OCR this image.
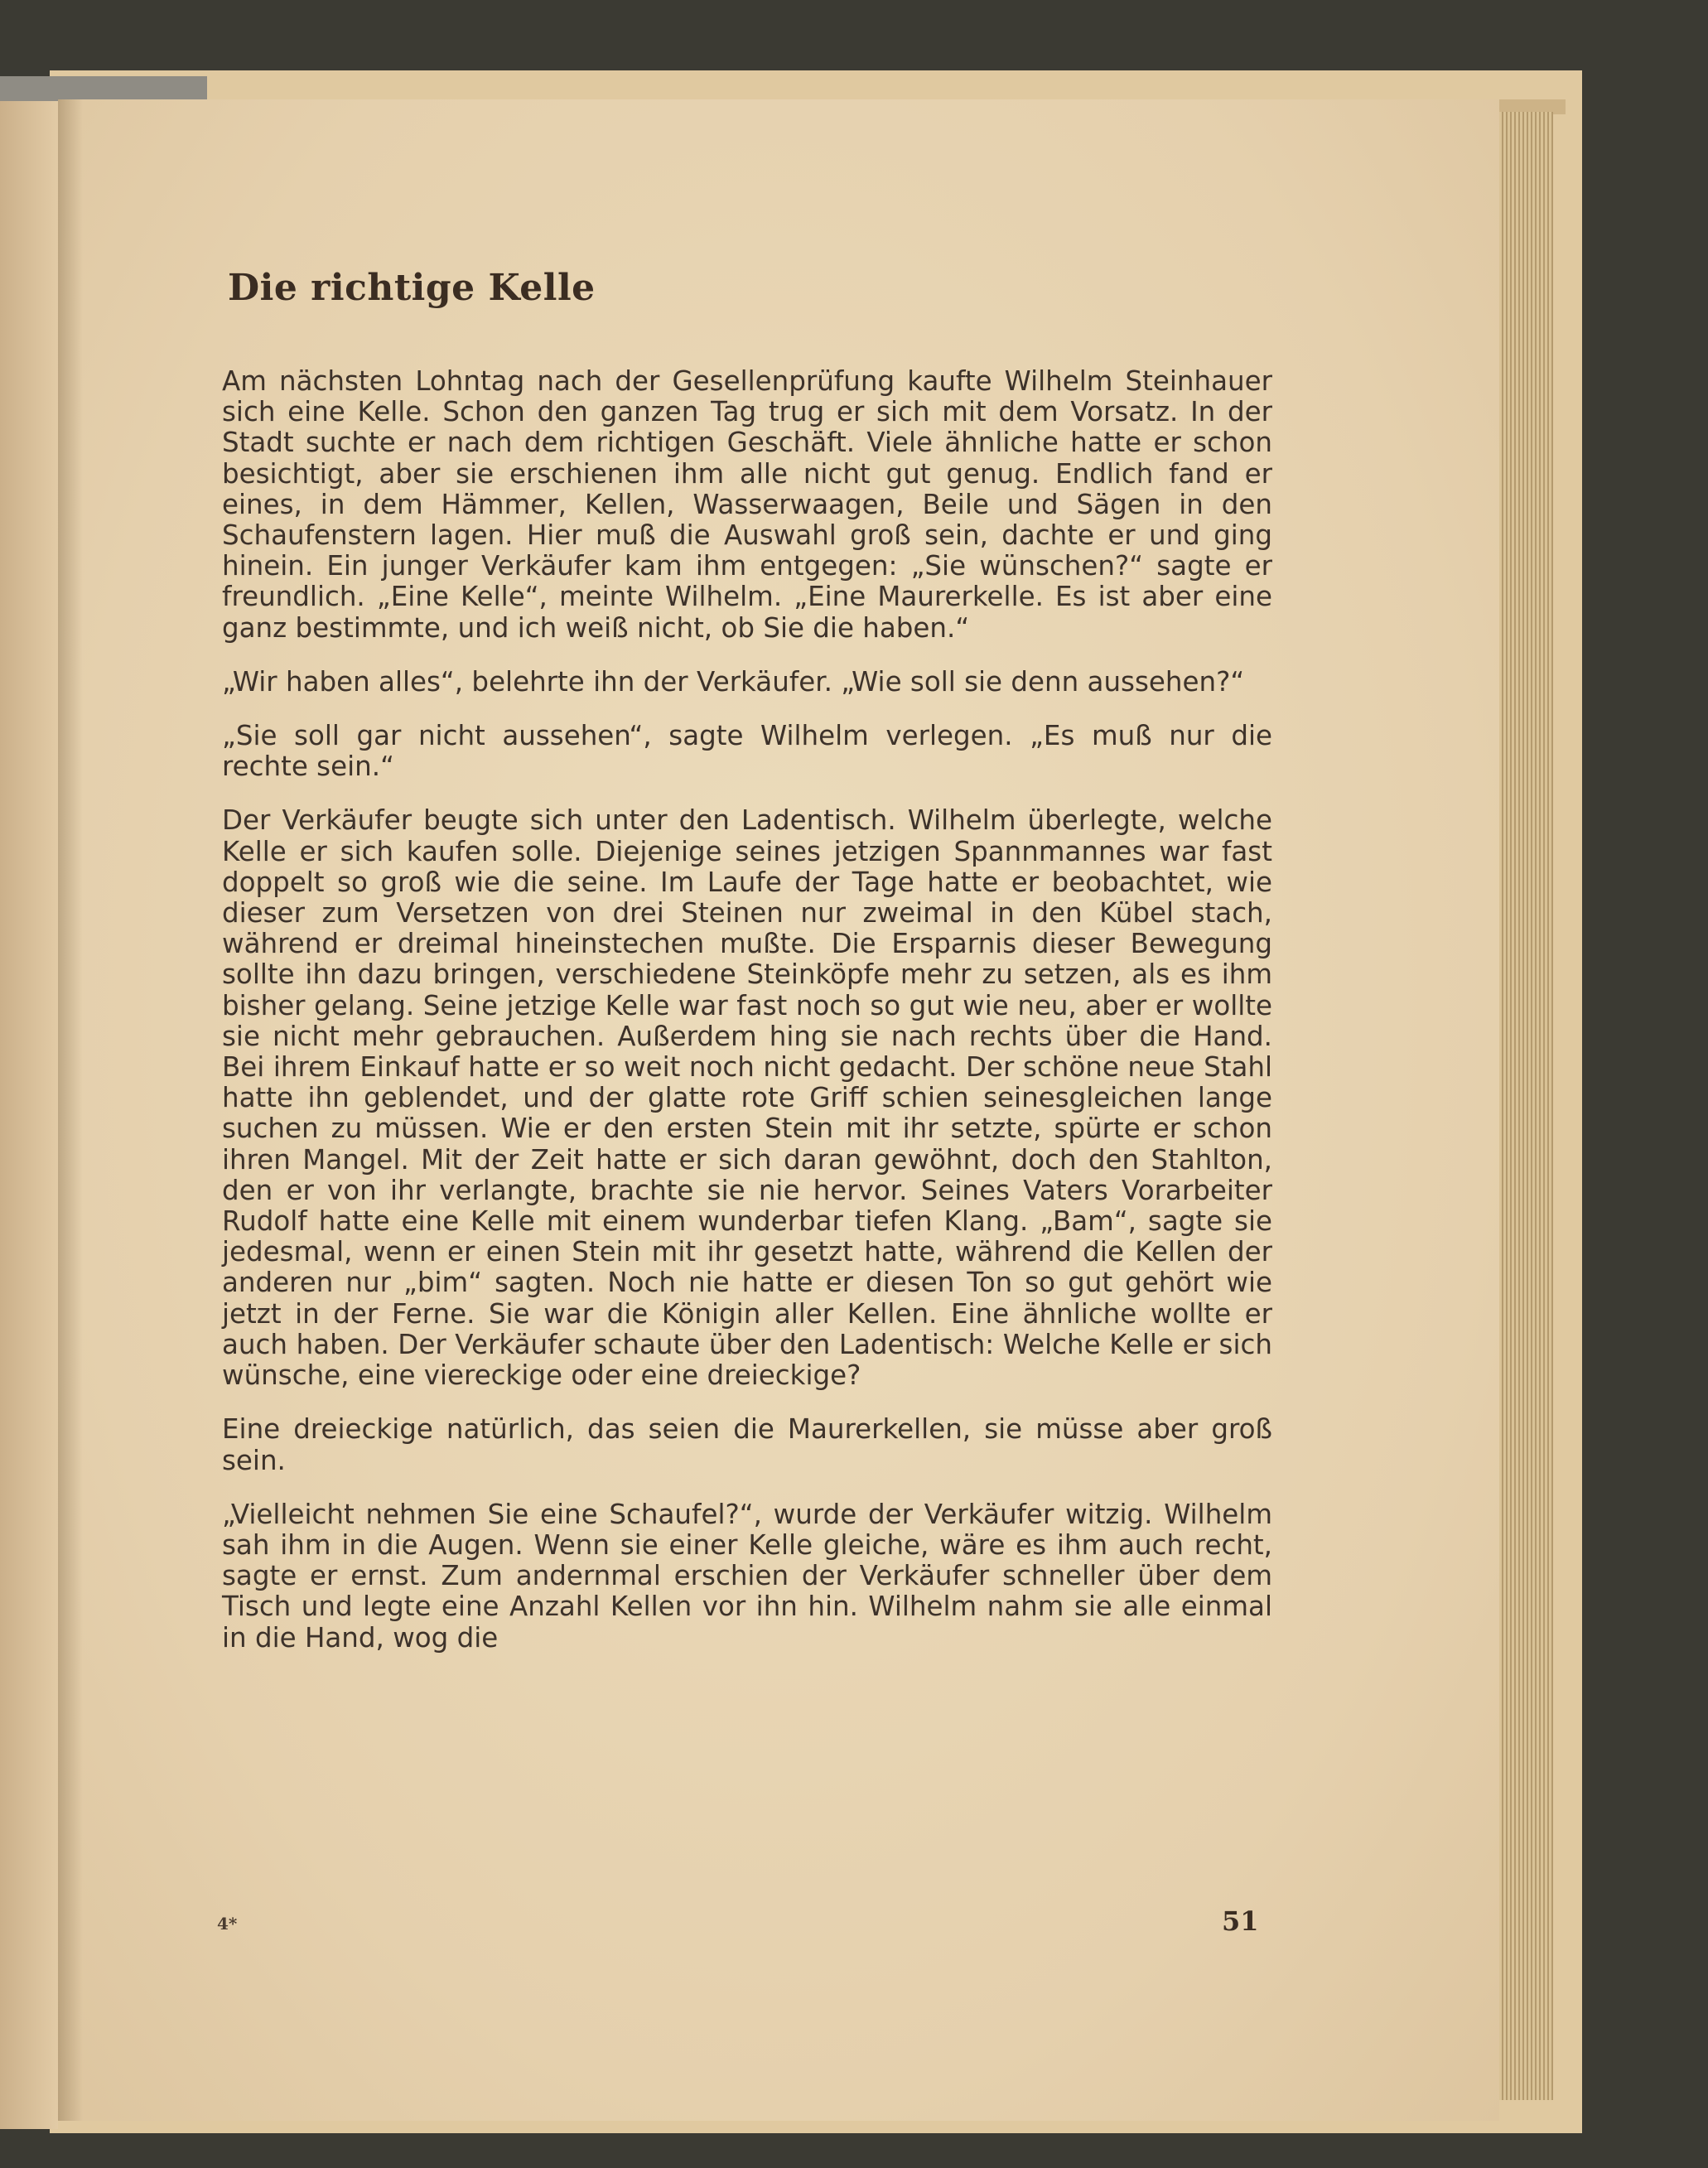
Die richtige Kelle

Am nächsten Lohntag nach der Gesellenprüfung kaufte Wilhelm Steinhauer sich eine Kelle. Schon den ganzen Tag trug er sich mit dem Vorsatz. In der Stadt suchte er nach dem richtigen Geschäft. Viele ähnliche hatte er schon besichtigt, aber sie erschienen ihm alle nicht gut genug. Endlich fand er eines, in dem Hämmer, Kellen, Wasserwaagen, Beile und Sägen in den Schaufenstern lagen. Hier muß die Auswahl groß sein, dachte er und ging hinein. Ein junger Verkäufer kam ihm entgegen: „Sie wünschen?“ sagte er freundlich. „Eine Kelle“, meinte Wilhelm. „Eine Maurerkelle. Es ist aber eine ganz bestimmte, und ich weiß nicht, ob Sie die haben.“

„Wir haben alles“, belehrte ihn der Verkäufer. „Wie soll sie denn aussehen?“

„Sie soll gar nicht aussehen“, sagte Wilhelm verlegen. „Es muß nur die rechte sein.“

Der Verkäufer beugte sich unter den Ladentisch. Wilhelm überlegte, welche Kelle er sich kaufen solle. Diejenige seines jetzigen Spannmannes war fast doppelt so groß wie die seine. Im Laufe der Tage hatte er beobachtet, wie dieser zum Versetzen von drei Steinen nur zweimal in den Kübel stach, während er dreimal hineinstechen mußte. Die Ersparnis dieser Bewegung sollte ihn dazu bringen, verschiedene Steinköpfe mehr zu setzen, als es ihm bisher gelang. Seine jetzige Kelle war fast noch so gut wie neu, aber er wollte sie nicht mehr gebrauchen. Außerdem hing sie nach rechts über die Hand. Bei ihrem Einkauf hatte er so weit noch nicht gedacht. Der schöne neue Stahl hatte ihn geblendet, und der glatte rote Griff schien seinesgleichen lange suchen zu müssen. Wie er den ersten Stein mit ihr setzte, spürte er schon ihren Mangel. Mit der Zeit hatte er sich daran gewöhnt, doch den Stahlton, den er von ihr verlangte, brachte sie nie hervor. Seines Vaters Vorarbeiter Rudolf hatte eine Kelle mit einem wunderbar tiefen Klang. „Bam“, sagte sie jedesmal, wenn er einen Stein mit ihr gesetzt hatte, während die Kellen der anderen nur „bim“ sagten. Noch nie hatte er diesen Ton so gut gehört wie jetzt in der Ferne. Sie war die Königin aller Kellen. Eine ähnliche wollte er auch haben. Der Verkäufer schaute über den Ladentisch: Welche Kelle er sich wünsche, eine viereckige oder eine dreieckige?

Eine dreieckige natürlich, das seien die Maurerkellen, sie müsse aber groß sein.

„Vielleicht nehmen Sie eine Schaufel?“, wurde der Verkäufer witzig. Wilhelm sah ihm in die Augen. Wenn sie einer Kelle gleiche, wäre es ihm auch recht, sagte er ernst. Zum andernmal erschien der Verkäufer schneller über dem Tisch und legte eine Anzahl Kellen vor ihn hin. Wilhelm nahm sie alle einmal in die Hand, wog die

4*	51
